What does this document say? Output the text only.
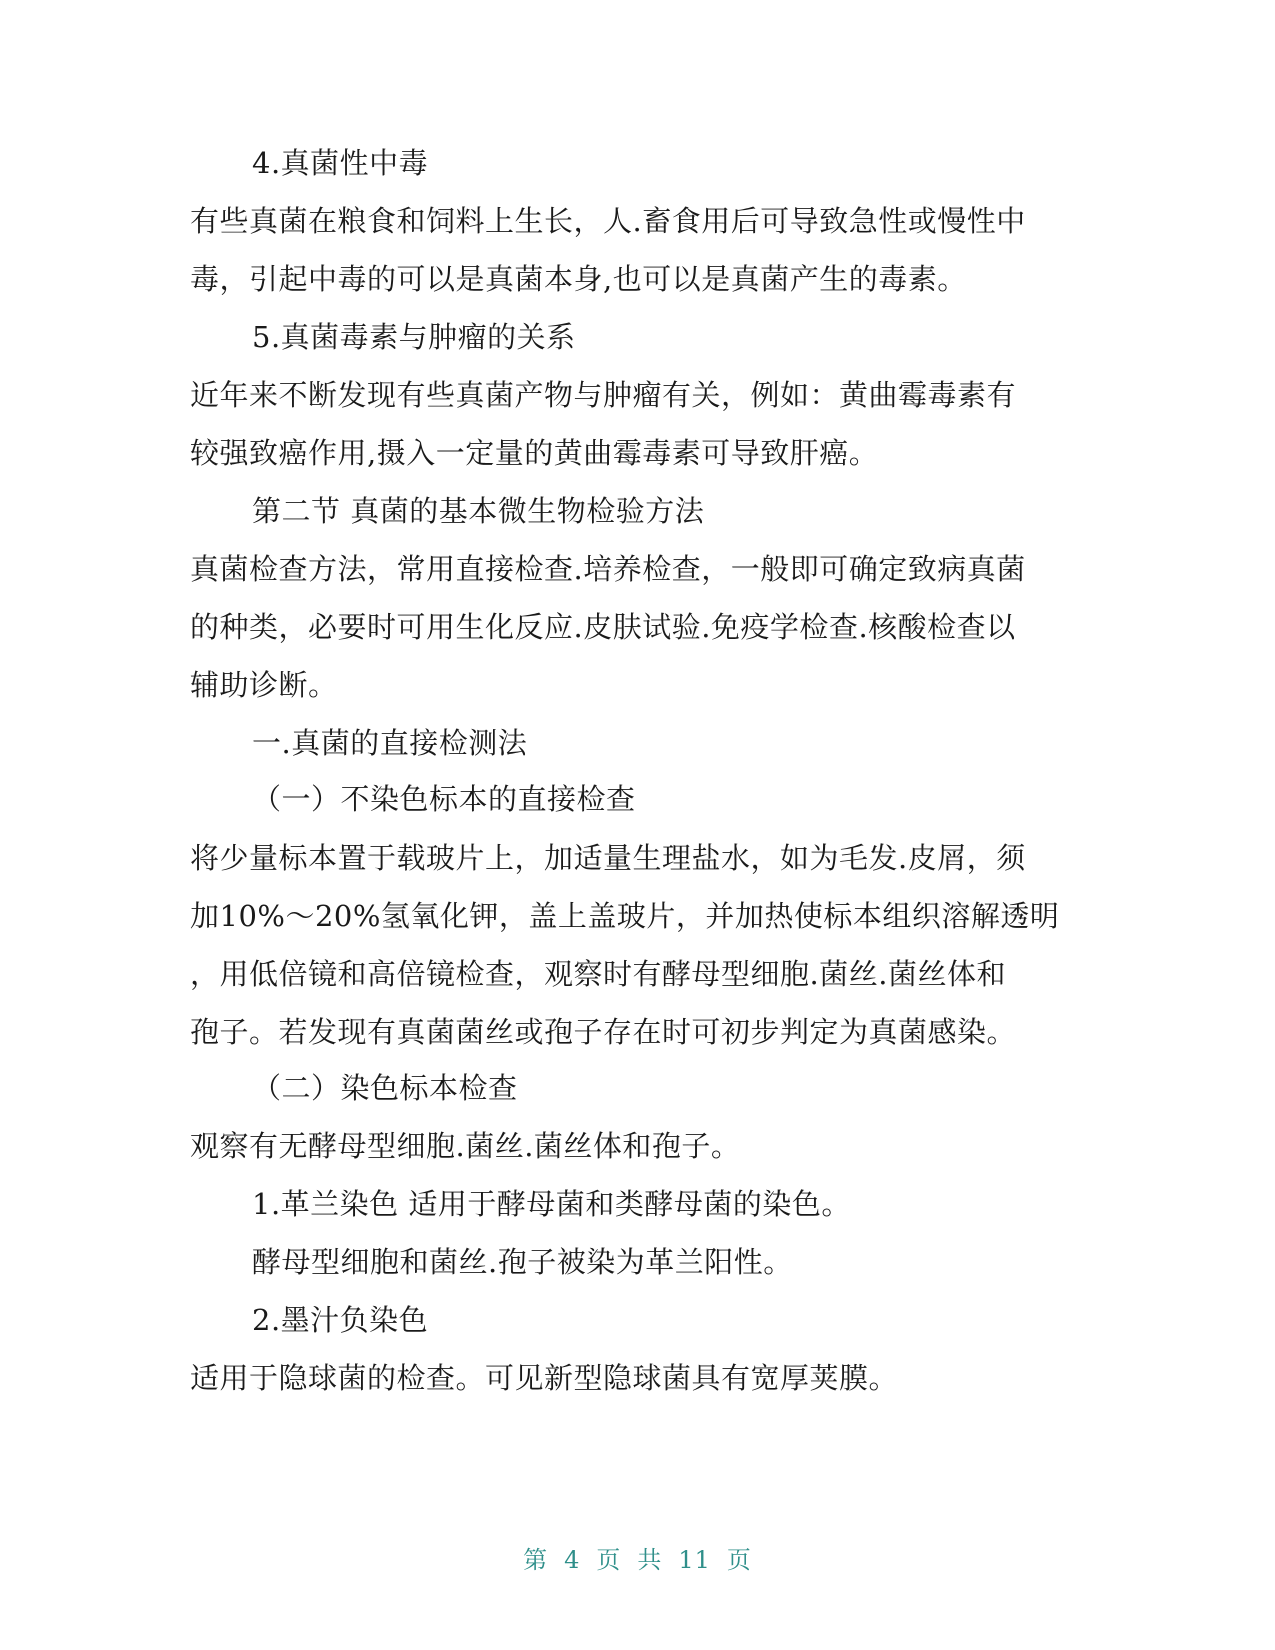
4.真菌性中毒
有些真菌在粮食和饲料上生长，人.畜食用后可导致急性或慢性中
毒，引起中毒的可以是真菌本身,也可以是真菌产生的毒素。
5.真菌毒素与肿瘤的关系
近年来不断发现有些真菌产物与肿瘤有关，例如：黄曲霉毒素有
较强致癌作用,摄入一定量的黄曲霉毒素可导致肝癌。
第二节 真菌的基本微生物检验方法
真菌检查方法，常用直接检查.培养检查，一般即可确定致病真菌
的种类，必要时可用生化反应.皮肤试验.免疫学检查.核酸检查以
辅助诊断。
一.真菌的直接检测法
（一）不染色标本的直接检查
将少量标本置于载玻片上，加适量生理盐水，如为毛发.皮屑，须
加10%～20%氢氧化钾，盖上盖玻片，并加热使标本组织溶解透明
，用低倍镜和高倍镜检查，观察时有酵母型细胞.菌丝.菌丝体和
孢子。若发现有真菌菌丝或孢子存在时可初步判定为真菌感染。
（二）染色标本检查
观察有无酵母型细胞.菌丝.菌丝体和孢子。
1.革兰染色 适用于酵母菌和类酵母菌的染色。
酵母型细胞和菌丝.孢子被染为革兰阳性。
2.墨汁负染色
适用于隐球菌的检查。可见新型隐球菌具有宽厚荚膜。
第 4 页 共 11 页
